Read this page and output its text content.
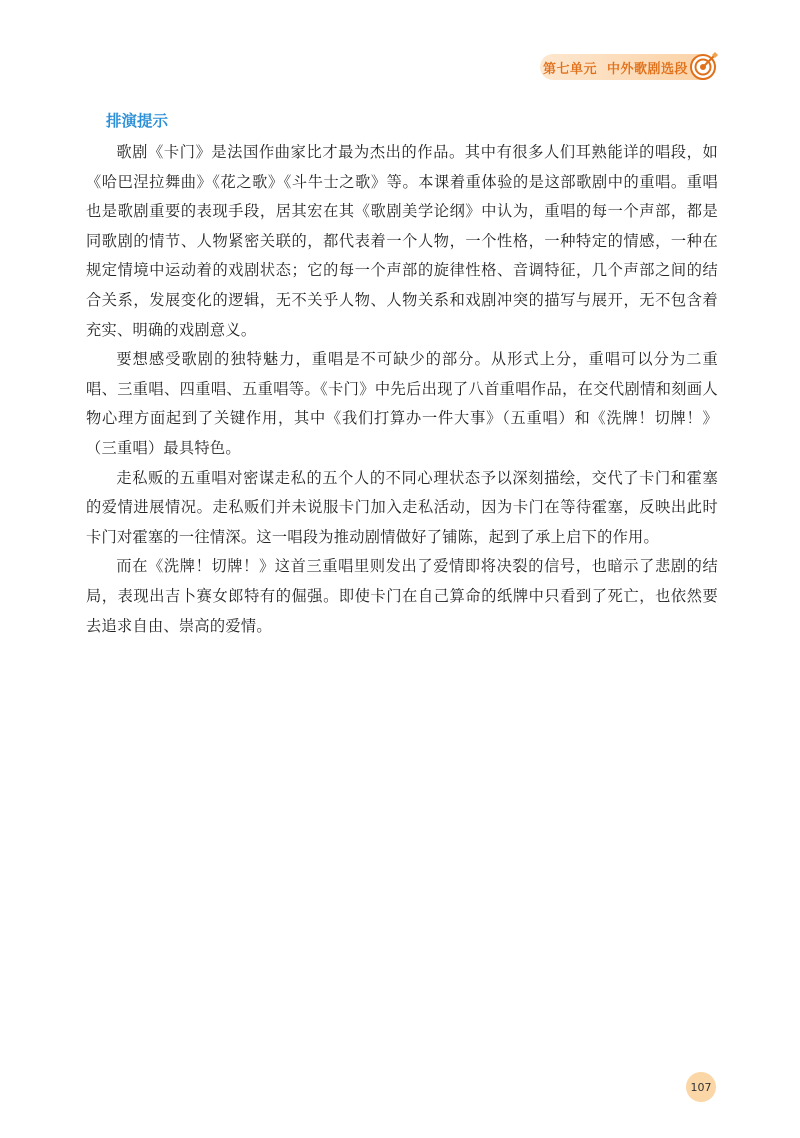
第七单元 中外歌剧选段
排演提示

歌剧《卡门》是法国作曲家比才最为杰出的作品。其中有很多人们耳熟能详的唱段，如《哈巴涅拉舞曲》《花之歌》《斗牛士之歌》等。本课着重体验的是这部歌剧中的重唱。重唱也是歌剧重要的表现手段，居其宏在其《歌剧美学论纲》中认为，重唱的每一个声部，都是同歌剧的情节、人物紧密关联的，都代表着一个人物，一个性格，一种特定的情感，一种在规定情境中运动着的戏剧状态；它的每一个声部的旋律性格、音调特征，几个声部之间的结合关系，发展变化的逻辑，无不关乎人物、人物关系和戏剧冲突的描写与展开，无不包含着充实、明确的戏剧意义。

要想感受歌剧的独特魅力，重唱是不可缺少的部分。从形式上分，重唱可以分为二重唱、三重唱、四重唱、五重唱等。《卡门》中先后出现了八首重唱作品，在交代剧情和刻画人物心理方面起到了关键作用，其中《我们打算办一件大事》（五重唱）和《洗牌！切牌！》（三重唱）最具特色。

走私贩的五重唱对密谋走私的五个人的不同心理状态予以深刻描绘，交代了卡门和霍塞的爱情进展情况。走私贩们并未说服卡门加入走私活动，因为卡门在等待霍塞，反映出此时卡门对霍塞的一往情深。这一唱段为推动剧情做好了铺陈，起到了承上启下的作用。

而在《洗牌！切牌！》这首三重唱里则发出了爱情即将决裂的信号，也暗示了悲剧的结局，表现出吉卜赛女郎特有的倔强。即使卡门在自己算命的纸牌中只看到了死亡，也依然要去追求自由、崇高的爱情。

107
